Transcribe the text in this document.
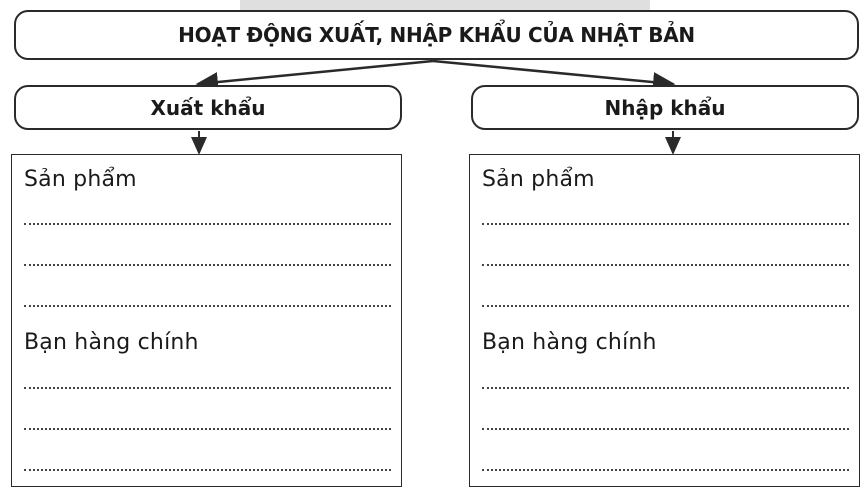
HOẠT ĐỘNG XUẤT, NHẬP KHẨU CỦA NHẬT BẢN
Xuất khẩu	Nhập khẩu
Sản phẩm
Bạn hàng chính
Sản phẩm
Bạn hàng chính
